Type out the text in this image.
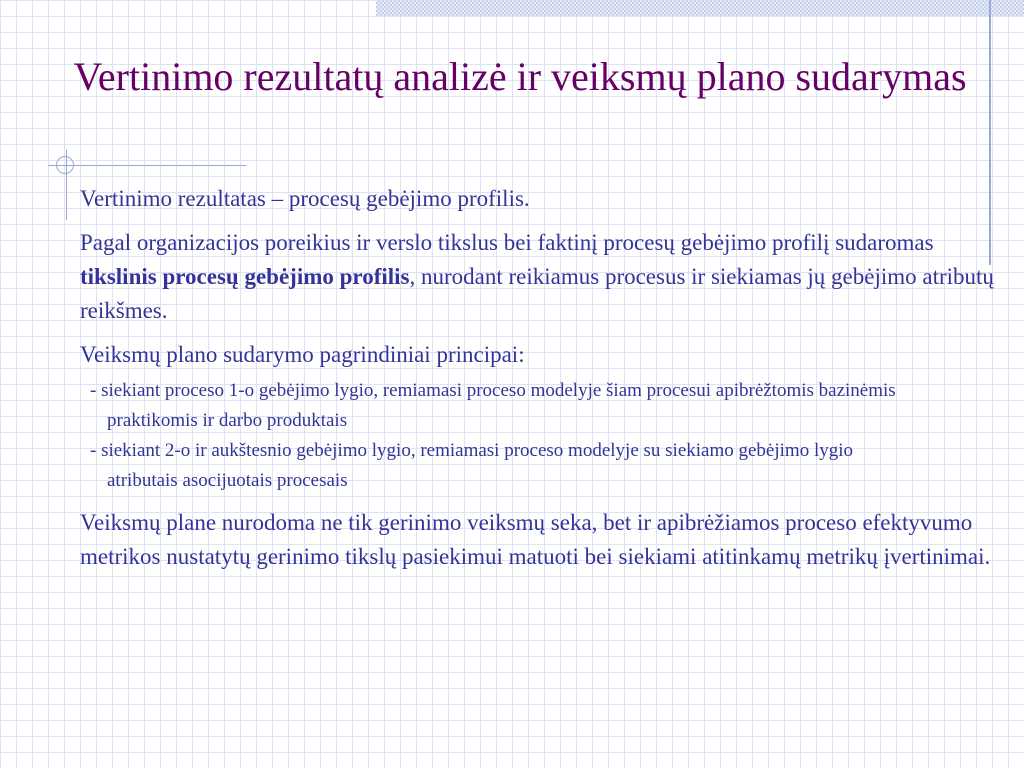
Vertinimo rezultatų analizė ir veiksmų plano sudarymas

Vertinimo rezultatas – procesų gebėjimo profilis.

Pagal organizacijos poreikius ir verslo tikslus bei faktinį procesų gebėjimo profilį sudaromas tikslinis procesų gebėjimo profilis, nurodant reikiamus procesus ir siekiamas jų gebėjimo atributų reikšmes.

Veiksmų plano sudarymo pagrindiniai principai:

- siekiant proceso 1-o gebėjimo lygio, remiamasi proceso modelyje šiam procesui apibrėžtomis bazinėmis praktikomis ir darbo produktais
- siekiant 2-o ir aukštesnio gebėjimo lygio, remiamasi proceso modelyje su siekiamo gebėjimo lygio atributais asocijuotais procesais

Veiksmų plane nurodoma ne tik gerinimo veiksmų seka, bet ir apibrėžiamos proceso efektyvumo metrikos nustatytų gerinimo tikslų pasiekimui matuoti bei siekiami atitinkamų metrikų įvertinimai.
